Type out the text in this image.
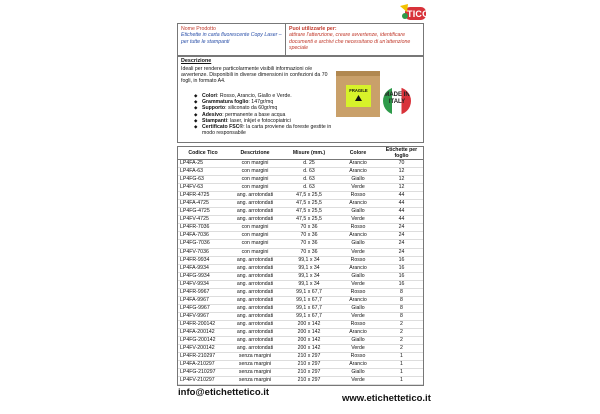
TICO
Nome Prodotto
Etichette in carta fluorescente Copy Laser – per tutte le stampanti
Puoi utilizzarle per:
attirare l'attenzione, creare avvertenze, identificare documenti e archivi che necessitano di un'attenzione speciale
Descrizione
Ideali per rendere particolarmente visibili informazioni o/e avvertenze. Disponibili in diverse dimensioni in confezioni da 70 fogli, in formato A4.
◆ Colori: Rosso, Arancio, Giallo e Verde.
◆ Grammatura foglio: 147gr/mq
◆ Supporto: siliconato da 60gr/mq
◆ Adesivo: permanente a base acqua
◆ Stampanti: laser, inkjet e fotocopiatrici
◆ Certificato FSC®: la carta proviene da foreste gestite in modo responsabile
FRAGILE
MADE IN ITALY
Codice Tico	Descrizione	Misure (mm.)	Colore	Etichette per foglio
LP4FA-25	con margini	d. 25	Arancio	70
LP4FA-63	con margini	d. 63	Arancio	12
LP4FG-63	con margini	d. 63	Giallo	12
LP4FV-63	con margini	d. 63	Verde	12
LP4FR-4725	ang. arrotondati	47,5 x 25,5	Rosso	44
LP4FA-4725	ang. arrotondati	47,5 x 25,5	Arancio	44
LP4FG-4725	ang. arrotondati	47,5 x 25,5	Giallo	44
LP4FV-4725	ang. arrotondati	47,5 x 25,5	Verde	44
LP4FR-7036	con margini	70 x 36	Rosso	24
LP4FA-7036	con margini	70 x 36	Arancio	24
LP4FG-7036	con margini	70 x 36	Giallo	24
LP4FV-7036	con margini	70 x 36	Verde	24
LP4FR-9934	ang. arrotondati	99,1 x 34	Rosso	16
LP4FA-9934	ang. arrotondati	99,1 x 34	Arancio	16
LP4FG-9934	ang. arrotondati	99,1 x 34	Giallo	16
LP4FV-9934	ang. arrotondati	99,1 x 34	Verde	16
LP4FR-9967	ang. arrotondati	99,1 x 67,7	Rosso	8
LP4FA-9967	ang. arrotondati	99,1 x 67,7	Arancio	8
LP4FG-9967	ang. arrotondati	99,1 x 67,7	Giallo	8
LP4FV-9967	ang. arrotondati	99,1 x 67,7	Verde	8
LP4FR-200142	ang. arrotondati	200 x 142	Rosso	2
LP4FA-200142	ang. arrotondati	200 x 142	Arancio	2
LP4FG-200142	ang. arrotondati	200 x 142	Giallo	2
LP4FV-200142	ang. arrotondati	200 x 142	Verde	2
LP4FR-210297	senza margini	210 x 297	Rosso	1
LP4FA-210297	senza margini	210 x 297	Arancio	1
LP4FG-210297	senza margini	210 x 297	Giallo	1
LP4FV-210297	senza margini	210 x 297	Verde	1
info@etichettetico.it
www.etichettetico.it
